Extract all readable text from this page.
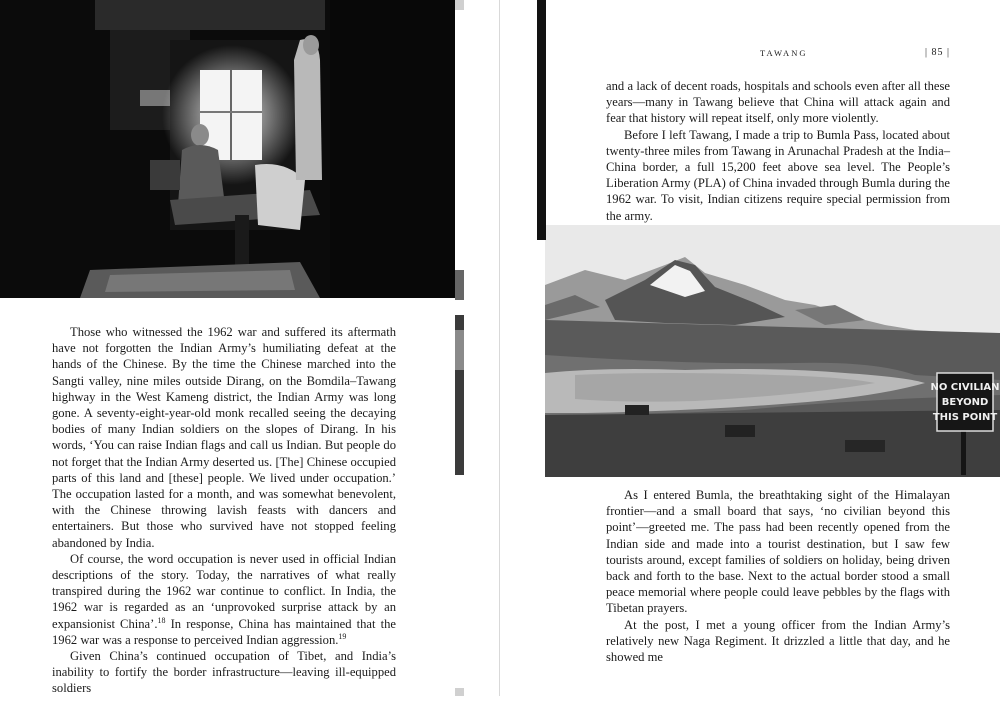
Those who witnessed the 1962 war and suffered its aftermath have not forgotten the Indian Army’s humiliating defeat at the hands of the Chinese. By the time the Chinese marched into the Sangti valley, nine miles outside Dirang, on the Bomdila–Tawang highway in the West Kameng district, the Indian Army was long gone. A seventy-eight-year-old monk recalled seeing the decaying bodies of many Indian soldiers on the slopes of Dirang. In his words, ‘You can raise Indian flags and call us Indian. But people do not forget that the Indian Army deserted us. [The] Chinese occupied parts of this land and [these] people. We lived under occupation.’ The occupation lasted for a month, and was somewhat benevolent, with the Chinese throwing lavish feasts with dancers and entertainers. But those who survived have not stopped feeling abandoned by India.

Of course, the word occupation is never used in official Indian descriptions of the story. Today, the narratives of what really transpired during the 1962 war continue to conflict. In India, the 1962 war is regarded as an ‘unprovoked surprise attack by an expansionist China’.$^{18}$ In response, China has maintained that the 1962 war was a response to perceived Indian aggression.$^{19}$

Given China’s continued occupation of Tibet, and India’s inability to fortify the border infrastructure—leaving ill-equipped soldiers

NO CIVILIAN
BEYOND
THIS POINT
TAWANG	| 85 |

and a lack of decent roads, hospitals and schools even after all these years—many in Tawang believe that China will attack again and fear that history will repeat itself, only more violently.

Before I left Tawang, I made a trip to Bumla Pass, located about twenty-three miles from Tawang in Arunachal Pradesh at the India–China border, a full 15,200 feet above sea level. The People’s Liberation Army (PLA) of China invaded through Bumla during the 1962 war. To visit, Indian citizens require special permission from the army.

As I entered Bumla, the breathtaking sight of the Himalayan frontier—and a small board that says, ‘no civilian beyond this point’—greeted me. The pass had been recently opened from the Indian side and made into a tourist destination, but I saw few tourists around, except families of soldiers on holiday, being driven back and forth to the base. Next to the actual border stood a small peace memorial where people could leave pebbles by the flags with Tibetan prayers.

At the post, I met a young officer from the Indian Army’s relatively new Naga Regiment. It drizzled a little that day, and he showed me
